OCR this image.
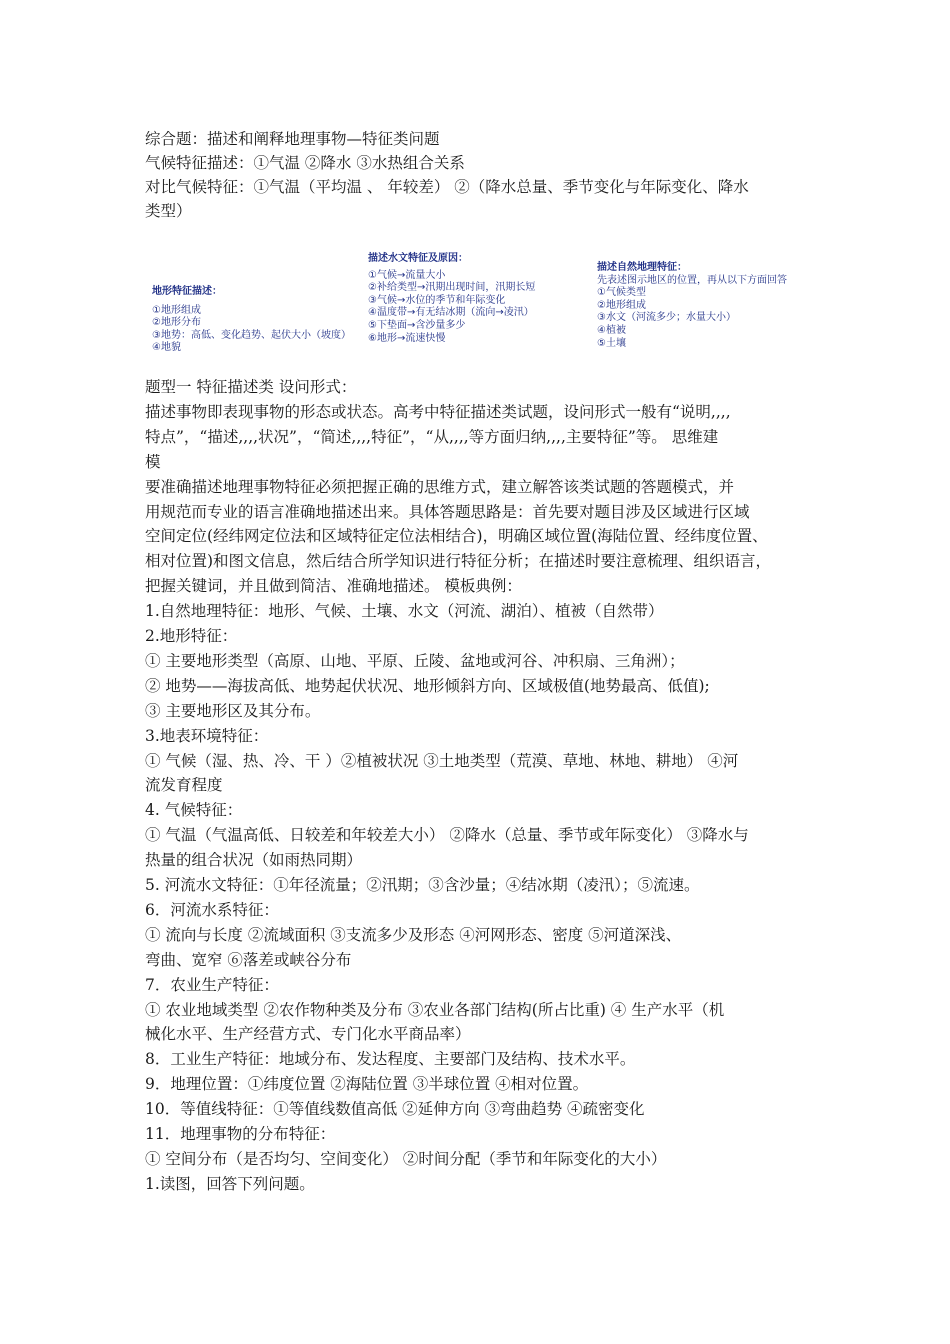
综合题：描述和阐释地理事物—特征类问题
气候特征描述：①气温 ②降水 ③水热组合关系
对比气候特征：①气温（平均温 、 年较差） ②（降水总量、季节变化与年际变化、降水
类型）
地形特征描述：
①地形组成
②地形分布
③地势：高低、变化趋势、起伏大小（坡度）
④地貌
描述水文特征及原因：
①气候→流量大小
②补给类型→汛期出现时间，汛期长短
③气候→水位的季节和年际变化
④温度带→有无结冰期（流向→凌汛）
⑤下垫面→含沙量多少
⑥地形→流速快慢
描述自然地理特征：
先表述图示地区的位置，再从以下方面回答
①气候类型
②地形组成
③水文（河流多少；水量大小）
④植被
⑤土壤
题型一 特征描述类 设问形式：
描述事物即表现事物的形态或状态。高考中特征描述类试题，设问形式一般有“说明,,,,
特点”，“描述,,,,状况”，“简述,,,,特征”，“从,,,,等方面归纳,,,,主要特征”等。 思维建
模
要准确描述地理事物特征必须把握正确的思维方式，建立解答该类试题的答题模式，并
用规范而专业的语言准确地描述出来。具体答题思路是：首先要对题目涉及区域进行区域
空间定位(经纬网定位法和区域特征定位法相结合)，明确区域位置(海陆位置、经纬度位置、
相对位置)和图文信息，然后结合所学知识进行特征分析；在描述时要注意梳理、组织语言，
把握关键词，并且做到简洁、准确地描述。 模板典例：
1.自然地理特征：地形、气候、土壤、水文（河流、湖泊）、植被（自然带）
2.地形特征：
① 主要地形类型（高原、山地、平原、丘陵、盆地或河谷、冲积扇、三角洲）；
② 地势——海拔高低、地势起伏状况、地形倾斜方向、区域极值(地势最高、低值);
③ 主要地形区及其分布。
3.地表环境特征：
① 气候（湿、热、冷、干 ）②植被状况 ③土地类型（荒漠、草地、林地、耕地） ④河
流发育程度
4. 气候特征：
① 气温（气温高低、日较差和年较差大小） ②降水（总量、季节或年际变化） ③降水与
热量的组合状况（如雨热同期）
5. 河流水文特征：①年径流量；②汛期；③含沙量；④结冰期（凌汛）；⑤流速。
6．河流水系特征：
① 流向与长度 ②流域面积 ③支流多少及形态 ④河网形态、密度 ⑤河道深浅、
弯曲、宽窄 ⑥落差或峡谷分布
7．农业生产特征：
① 农业地域类型 ②农作物种类及分布 ③农业各部门结构(所占比重) ④ 生产水平（机
械化水平、生产经营方式、专门化水平商品率）
8．工业生产特征：地域分布、发达程度、主要部门及结构、技术水平。
9．地理位置：①纬度位置 ②海陆位置 ③半球位置 ④相对位置。
10．等值线特征：①等值线数值高低 ②延伸方向 ③弯曲趋势 ④疏密变化
11．地理事物的分布特征：
① 空间分布（是否均匀、空间变化） ②时间分配（季节和年际变化的大小）
1.读图，回答下列问题。
